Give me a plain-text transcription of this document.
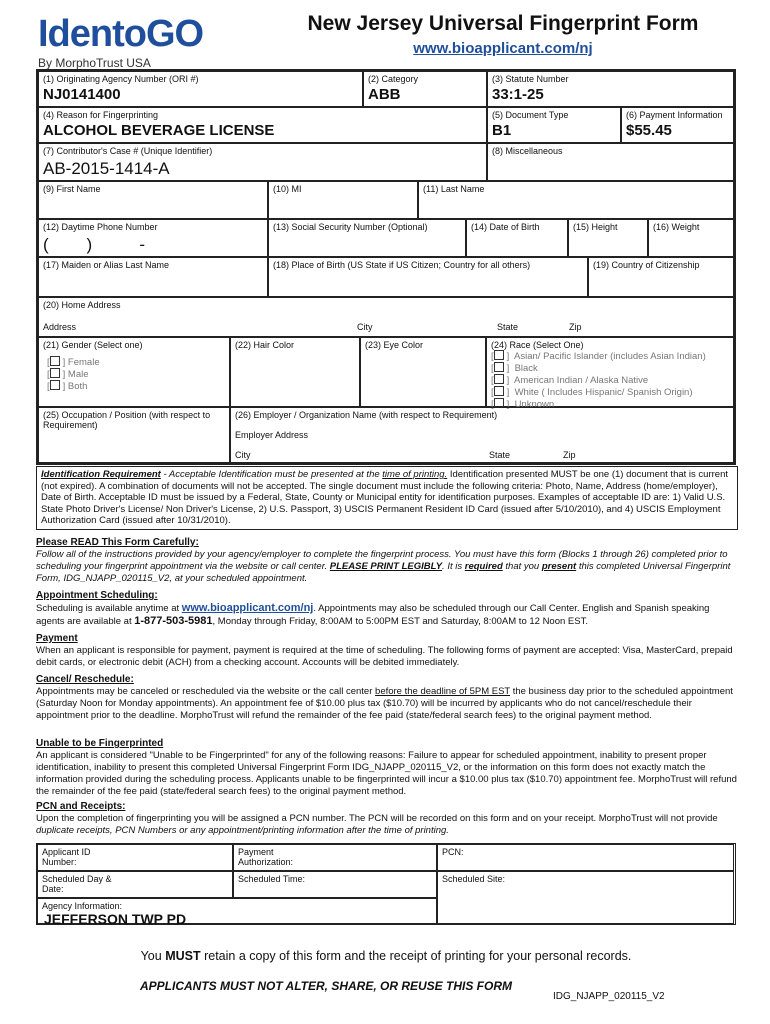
IdentoGO
By MorphoTrust USA
New Jersey Universal Fingerprint Form
www.bioapplicant.com/nj
(1) Originating Agency Number (ORI #)
NJ0141400
(2) Category
ABB
(3) Statute Number
33:1-25
(4) Reason for Fingerprinting
ALCOHOL BEVERAGE LICENSE
(5) Document Type
B1
(6) Payment Information
$55.45
(7) Contributor's Case # (Unique Identifier)
AB-2015-1414-A
(8) Miscellaneous
(9) First Name	(10) MI	(11) Last Name
(12) Daytime Phone Number
(        )          -
(13) Social Security Number (Optional)	(14) Date of Birth	(15) Height	(16) Weight
(17) Maiden or Alias Last Name	(18) Place of Birth (US State if US Citizen; Country for all others)	(19) Country of Citizenship
(20) Home Address
Address	City	State	Zip
(21) Gender (Select one)
[ ] Female
[ ] Male
[ ] Both
(22) Hair Color	(23) Eye Color	(24) Race (Select One)
[ ]  Asian/ Pacific Islander (includes Asian Indian)
[ ]  Black
[ ]  American Indian / Alaska Native
[ ]  White ( Includes Hispanic/ Spanish Origin)
[ ]  Unknown
(25) Occupation / Position (with respect to Requirement)
(26) Employer / Organization Name (with respect to Requirement)
Employer Address
City	State	Zip
Identification Requirement - Acceptable Identification must be presented at the time of printing. Identification presented MUST be one (1) document that is current (not expired). A combination of documents will not be accepted. The single document must include the following criteria: Photo, Name, Address (home/employer), Date of Birth. Acceptable ID must be issued by a Federal, State, County or Municipal entity for identification purposes. Examples of acceptable ID are: 1) Valid U.S. State Photo Driver's License/ Non Driver's License, 2) U.S. Passport, 3) USCIS Permanent Resident ID Card (issued after 5/10/2010), and 4) USCIS Employment Authorization Card (issued after 10/31/2010).
Please READ This Form Carefully:
Follow all of the instructions provided by your agency/employer to complete the fingerprint process. You must have this form (Blocks 1 through 26) completed prior to scheduling your fingerprint appointment via the website or call center. PLEASE PRINT LEGIBLY. It is required that you present this completed Universal Fingerprint Form, IDG_NJAPP_020115_V2, at your scheduled appointment.
Appointment Scheduling:
Scheduling is available anytime at www.bioapplicant.com/nj. Appointments may also be scheduled through our Call Center. English and Spanish speaking agents are available at 1-877-503-5981, Monday through Friday, 8:00AM to 5:00PM EST and Saturday, 8:00AM to 12 Noon EST.
Payment
When an applicant is responsible for payment, payment is required at the time of scheduling. The following forms of payment are accepted: Visa, MasterCard, prepaid debit cards, or electronic debit (ACH) from a checking account. Accounts will be debited immediately.
Cancel/ Reschedule:
Appointments may be canceled or rescheduled via the website or the call center before the deadline of 5PM EST the business day prior to the scheduled appointment (Saturday Noon for Monday appointments). An appointment fee of $10.00 plus tax ($10.70) will be incurred by applicants who do not cancel/reschedule their appointment prior to the deadline. MorphoTrust will refund the remainder of the fee paid (state/federal search fees) to the original payment method.
Unable to be Fingerprinted
An applicant is considered "Unable to be Fingerprinted" for any of the following reasons: Failure to appear for scheduled appointment, inability to present proper identification, inability to present this completed Universal Fingerprint Form IDG_NJAPP_020115_V2, or the information on this form does not exactly match the information provided during the scheduling process. Applicants unable to be fingerprinted will incur a $10.00 plus tax ($10.70) appointment fee. MorphoTrust will refund the remainder of the fee paid (state/federal search fees) to the original payment method.
PCN and Receipts:
Upon the completion of fingerprinting you will be assigned a PCN number. The PCN will be recorded on this form and on your receipt. MorphoTrust will not provide duplicate receipts, PCN Numbers or any appointment/printing information after the time of printing.
Applicant ID Number:
Payment Authorization:
PCN:
Scheduled Day & Date:
Scheduled Time:	Scheduled Site:
Agency Information:
JEFFERSON TWP PD
You MUST retain a copy of this form and the receipt of printing for your personal records.
APPLICANTS MUST NOT ALTER, SHARE, OR REUSE THIS FORM
IDG_NJAPP_020115_V2
